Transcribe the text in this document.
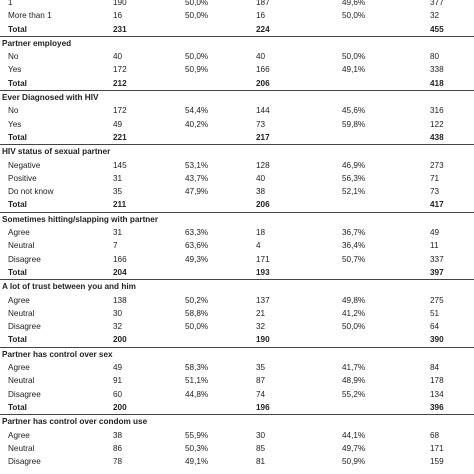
1	190	50,0%	187	49,6%	377
More than 1	16	50,0%	16	50,0%	32
Total	231	224	455
Partner employed
No	40	50,0%	40	50,0%	80
Yes	172	50,9%	166	49,1%	338
Total	212	206	418
Ever Diagnosed with HIV
No	172	54,4%	144	45,6%	316
Yes	49	40,2%	73	59,8%	122
Total	221	217	438
HIV status of sexual partner
Negative	145	53,1%	128	46,9%	273
Positive	31	43,7%	40	56,3%	71
Do not know	35	47,9%	38	52,1%	73
Total	211	206	417
Sometimes hitting/slapping with partner
Agree	31	63,3%	18	36,7%	49
Neutral	7	63,6%	4	36,4%	11
Disagree	166	49,3%	171	50,7%	337
Total	204	193	397
A lot of trust between you and him
Agree	138	50,2%	137	49,8%	275
Neutral	30	58,8%	21	41,2%	51
Disagree	32	50,0%	32	50,0%	64
Total	200	190	390
Partner has control over sex
Agree	49	58,3%	35	41,7%	84
Neutral	91	51,1%	87	48,9%	178
Disagree	60	44,8%	74	55,2%	134
Total	200	196	396
Partner has control over condom use
Agree	38	55,9%	30	44,1%	68
Neutral	86	50,3%	85	49,7%	171
Disagree	78	49,1%	81	50,9%	159
